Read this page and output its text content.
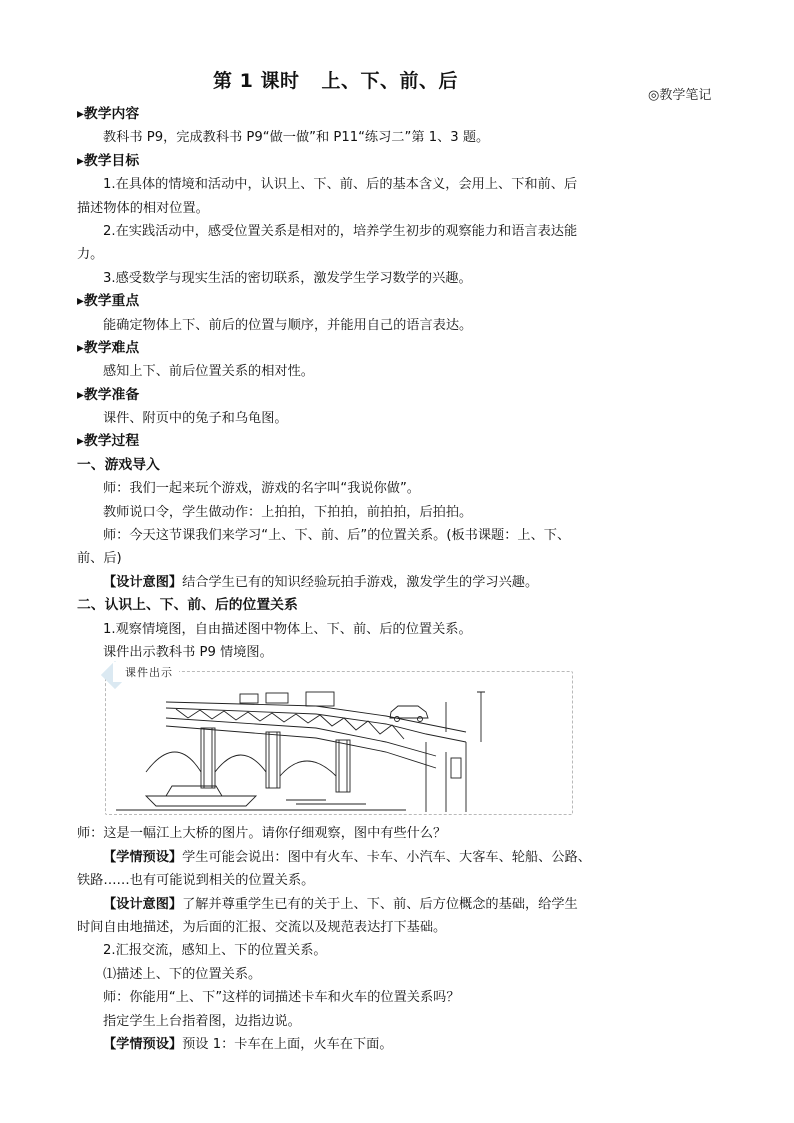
第 1 课时 上、下、前、后
◎教学笔记
▸教学内容
教科书 P9，完成教科书 P9“做一做”和 P11“练习二”第 1、3 题。
▸教学目标
1.在具体的情境和活动中，认识上、下、前、后的基本含义，会用上、下和前、后
描述物体的相对位置。
2.在实践活动中，感受位置关系是相对的，培养学生初步的观察能力和语言表达能
力。
3.感受数学与现实生活的密切联系，激发学生学习数学的兴趣。
▸教学重点
能确定物体上下、前后的位置与顺序，并能用自己的语言表达。
▸教学难点
感知上下、前后位置关系的相对性。
▸教学准备
课件、附页中的兔子和乌龟图。
▸教学过程
一、游戏导入
师：我们一起来玩个游戏，游戏的名字叫“我说你做”。
教师说口令，学生做动作：上拍拍，下拍拍，前拍拍，后拍拍。
师：今天这节课我们来学习“上、下、前、后”的位置关系。(板书课题：上、下、
前、后)
【设计意图】结合学生已有的知识经验玩拍手游戏，激发学生的学习兴趣。
二、认识上、下、前、后的位置关系
1.观察情境图，自由描述图中物体上、下、前、后的位置关系。
课件出示教科书 P9 情境图。
课件出示
师：这是一幅江上大桥的图片。请你仔细观察，图中有些什么？
【学情预设】学生可能会说出：图中有火车、卡车、小汽车、大客车、轮船、公路、
铁路……也有可能说到相关的位置关系。
【设计意图】了解并尊重学生已有的关于上、下、前、后方位概念的基础，给学生
时间自由地描述，为后面的汇报、交流以及规范表达打下基础。
2.汇报交流，感知上、下的位置关系。
⑴描述上、下的位置关系。
师：你能用“上、下”这样的词描述卡车和火车的位置关系吗？
指定学生上台指着图，边指边说。
【学情预设】预设 1：卡车在上面，火车在下面。
